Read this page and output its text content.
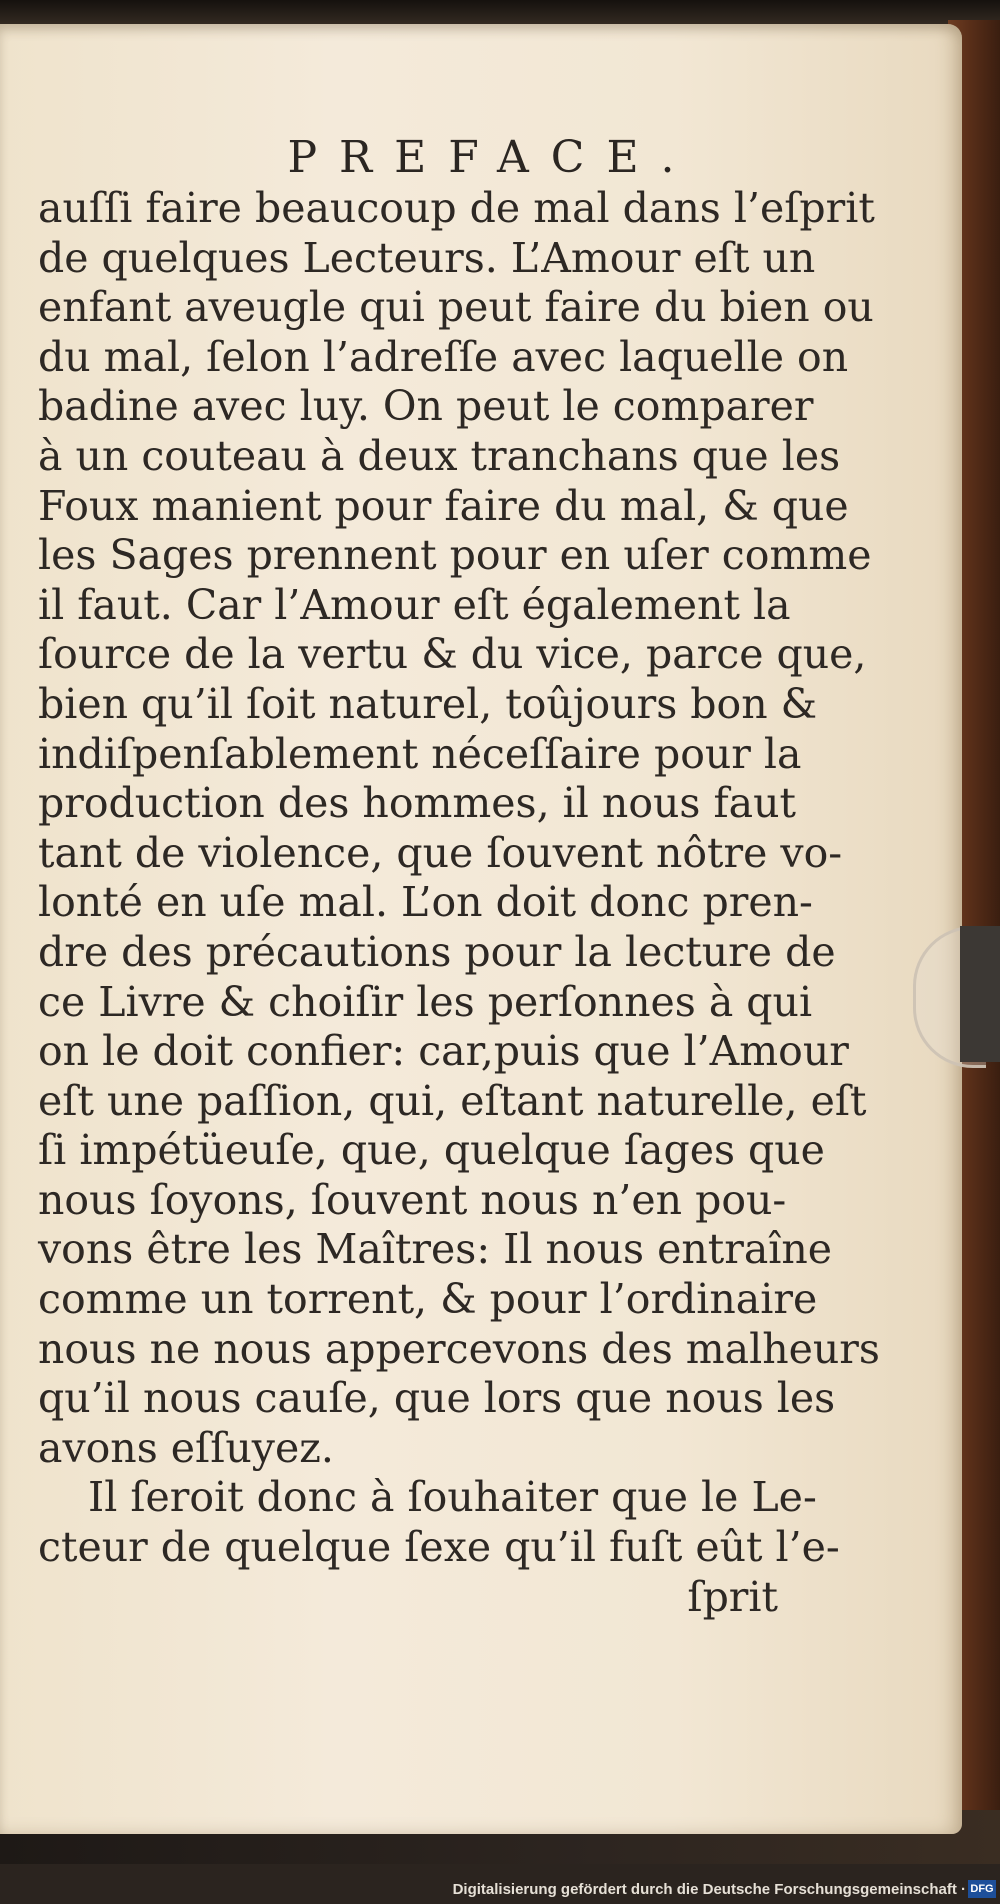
PREFACE.
auſſi faire beaucoup de mal dans l’eſprit
de quelques Lecteurs. L’Amour eſt un
enfant aveugle qui peut faire du bien ou
du mal, ſelon l’adreſſe avec laquelle on
badine avec luy. On peut le comparer
à un couteau à deux tranchans que les
Foux manient pour faire du mal, & que
les Sages prennent pour en uſer comme
il faut. Car l’Amour eſt également la
ſource de la vertu & du vice, parce que,
bien qu’il ſoit naturel, toûjours bon &
indiſpenſablement néceſſaire pour la
production des hommes, il nous faut
tant de violence, que ſouvent nôtre vo-
lonté en uſe mal. L’on doit donc pren-
dre des précautions pour la lecture de
ce Livre & choiſir les perſonnes à qui
on le doit confier: car,puis que l’Amour
eſt une paſſion, qui, eſtant naturelle, eſt
ſi impétüeuſe, que, quelque ſages que
nous ſoyons, ſouvent nous n’en pou-
vons être les Maîtres: Il nous entraîne
comme un torrent, & pour l’ordinaire
nous ne nous appercevons des malheurs
qu’il nous cauſe, que lors que nous les
avons eſſuyez.
Il ſeroit donc à ſouhaiter que le Le-
cteur de quelque ſexe qu’il fuſt eût l’e-
ſprit
Digitalisierung gefördert durch die Deutsche Forschungsgemeinschaft · DFG
